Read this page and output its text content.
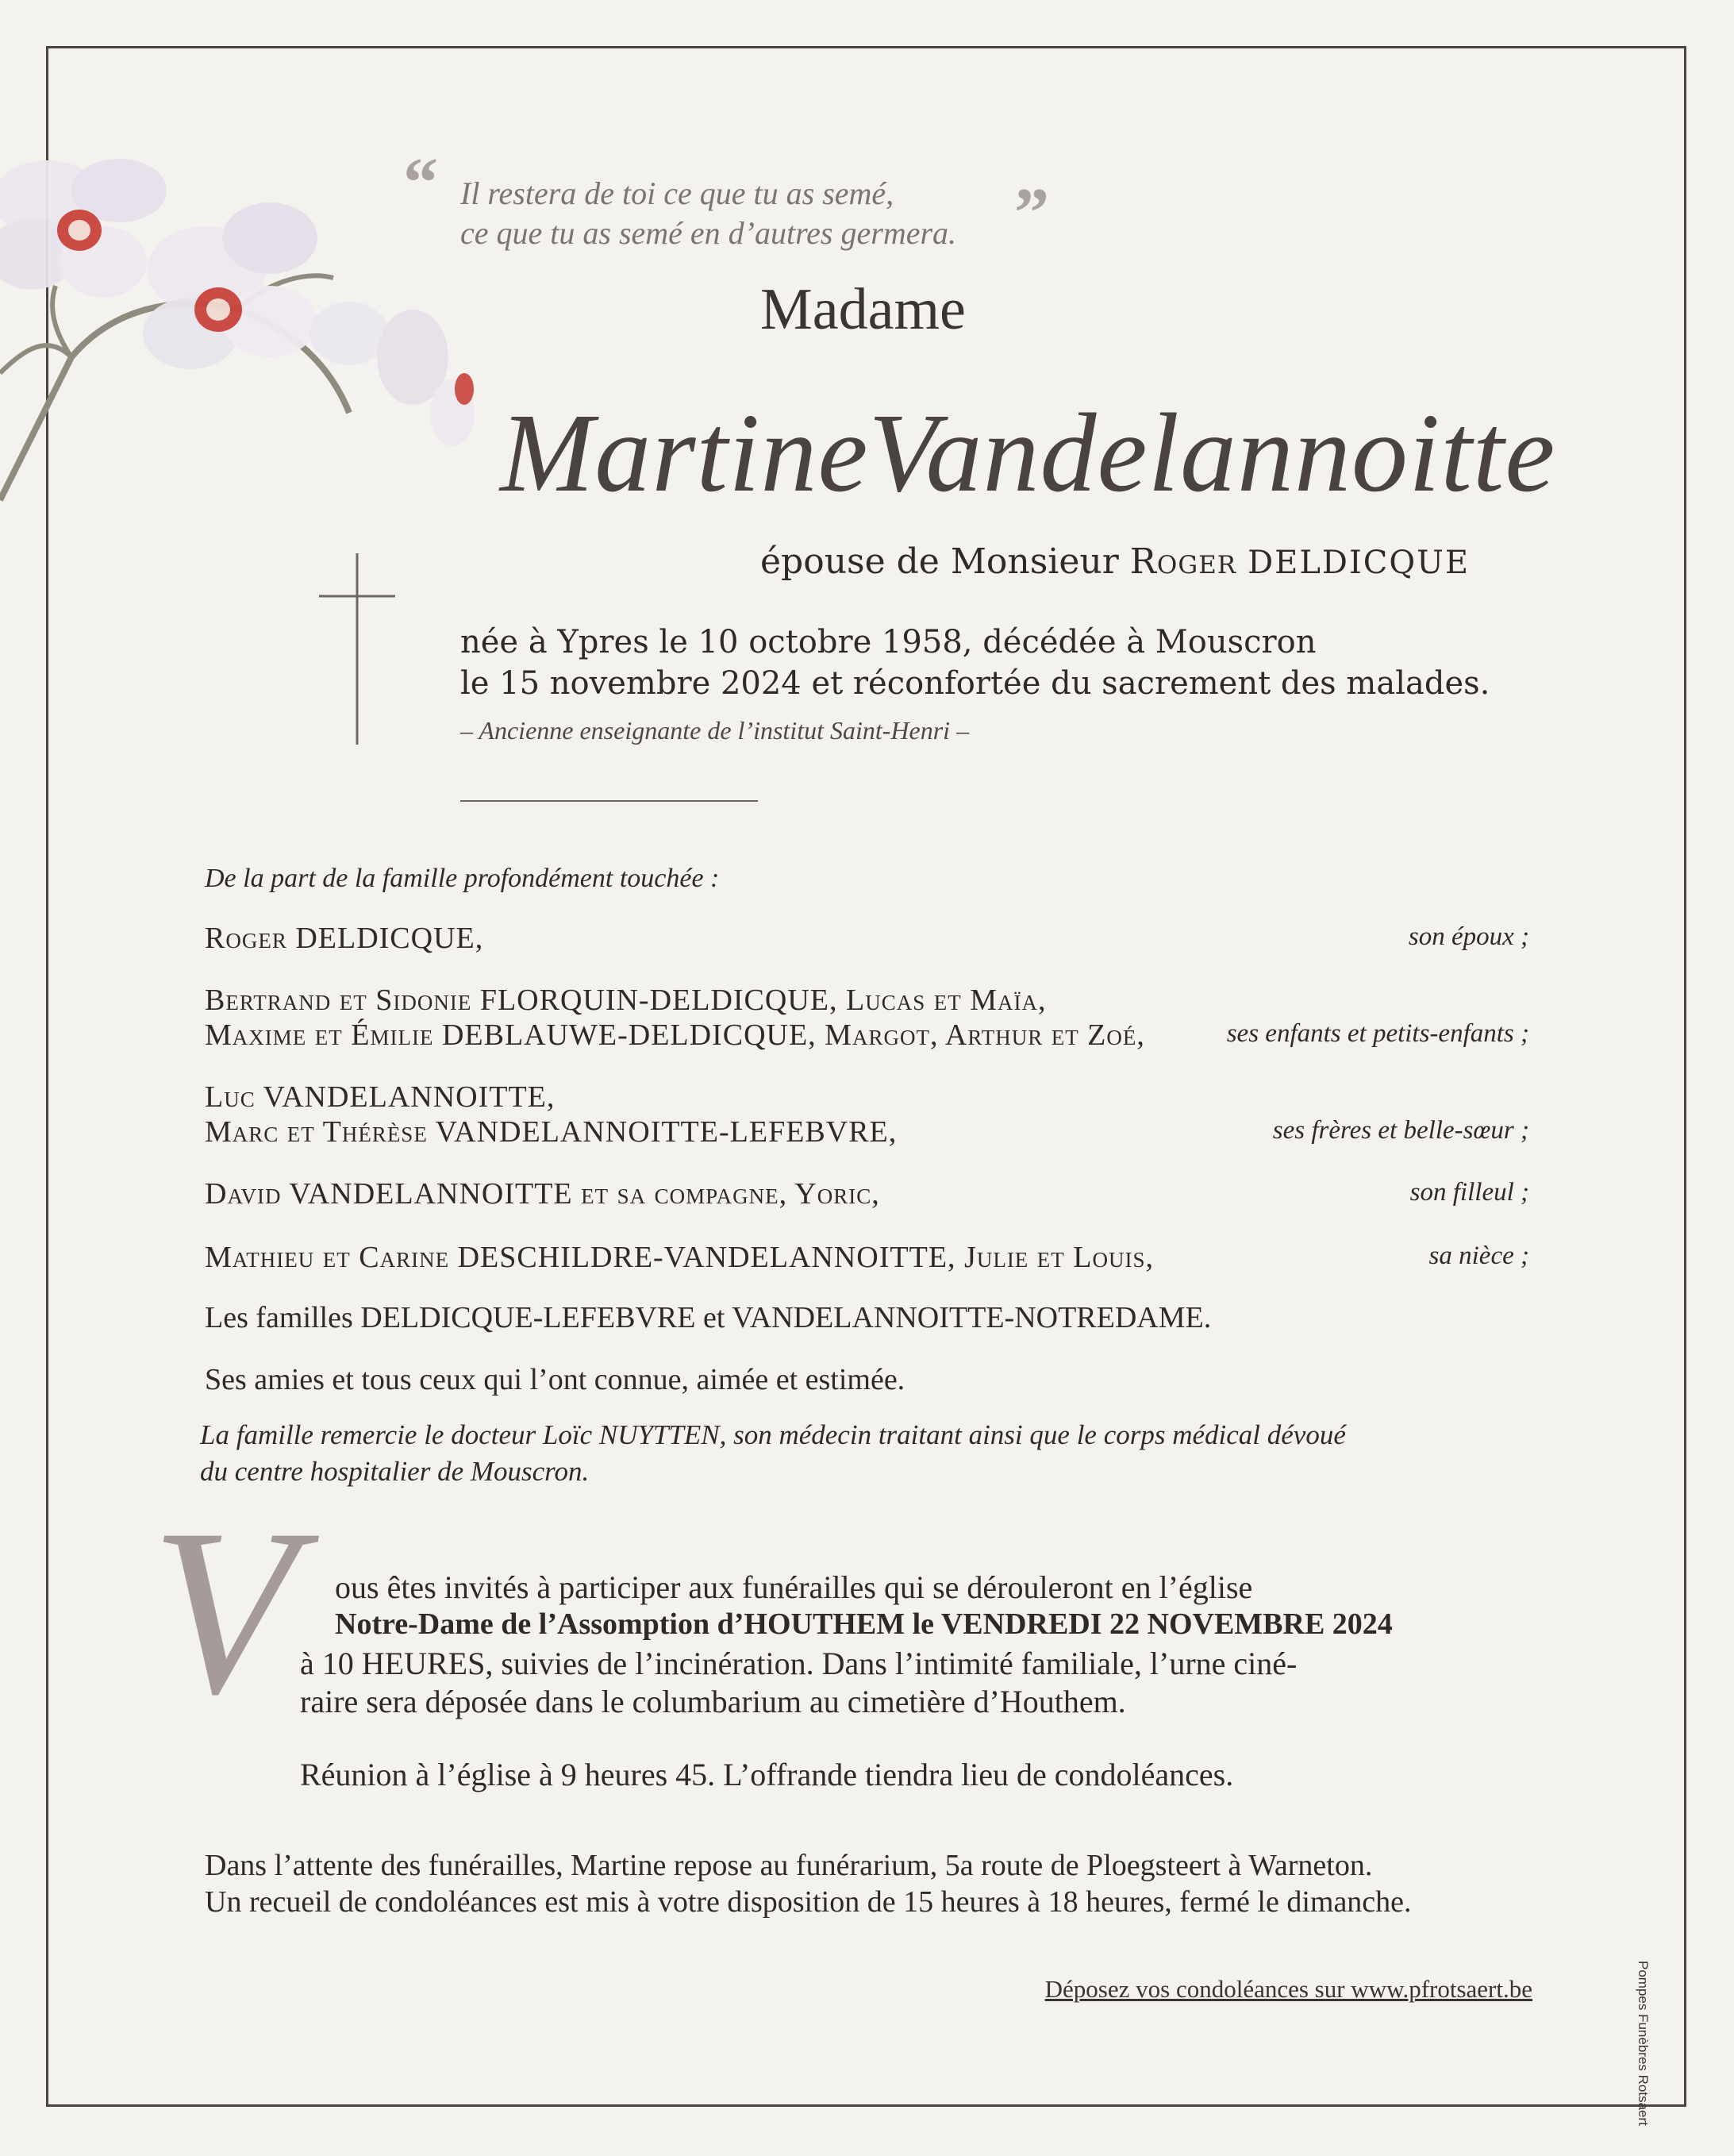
“ Il restera de toi ce que tu as semé,
ce que tu as semé en d’autres germera. ”
Madame
MartineVandelannoitte
épouse de Monsieur Roger DELDICQUE
née à Ypres le 10 octobre 1958, décédée à Mouscron
le 15 novembre 2024 et réconfortée du sacrement des malades.
– Ancienne enseignante de l’institut Saint-Henri –
De la part de la famille profondément touchée :
Roger DELDICQUE,	son époux ;
Bertrand et Sidonie FLORQUIN-DELDICQUE, Lucas et Maïa,
Maxime et Émilie DEBLAUWE-DELDICQUE, Margot, Arthur et Zoé,	ses enfants et petits-enfants ;
Luc VANDELANNOITTE,
Marc et Thérèse VANDELANNOITTE-LEFEBVRE,	ses frères et belle-sœur ;
David VANDELANNOITTE et sa compagne, Yoric,	son filleul ;
Mathieu et Carine DESCHILDRE-VANDELANNOITTE, Julie et Louis,	sa nièce ;
Les familles DELDICQUE-LEFEBVRE et VANDELANNOITTE-NOTREDAME.
Ses amies et tous ceux qui l’ont connue, aimée et estimée.
La famille remercie le docteur Loïc NUYTTEN, son médecin traitant ainsi que le corps médical dévoué
du centre hospitalier de Mouscron.
V ous êtes invités à participer aux funérailles qui se dérouleront en l’église
Notre-Dame de l’Assomption d’HOUTHEM le VENDREDI 22 NOVEMBRE 2024
à 10 HEURES, suivies de l’incinération. Dans l’intimité familiale, l’urne ciné-
raire sera déposée dans le columbarium au cimetière d’Houthem.
Réunion à l’église à 9 heures 45. L’offrande tiendra lieu de condoléances.
Dans l’attente des funérailles, Martine repose au funérarium, 5a route de Ploegsteert à Warneton.
Un recueil de condoléances est mis à votre disposition de 15 heures à 18 heures, fermé le dimanche.
Déposez vos condoléances sur www.pfrotsaert.be	Pompes Funèbres Rotsaert
